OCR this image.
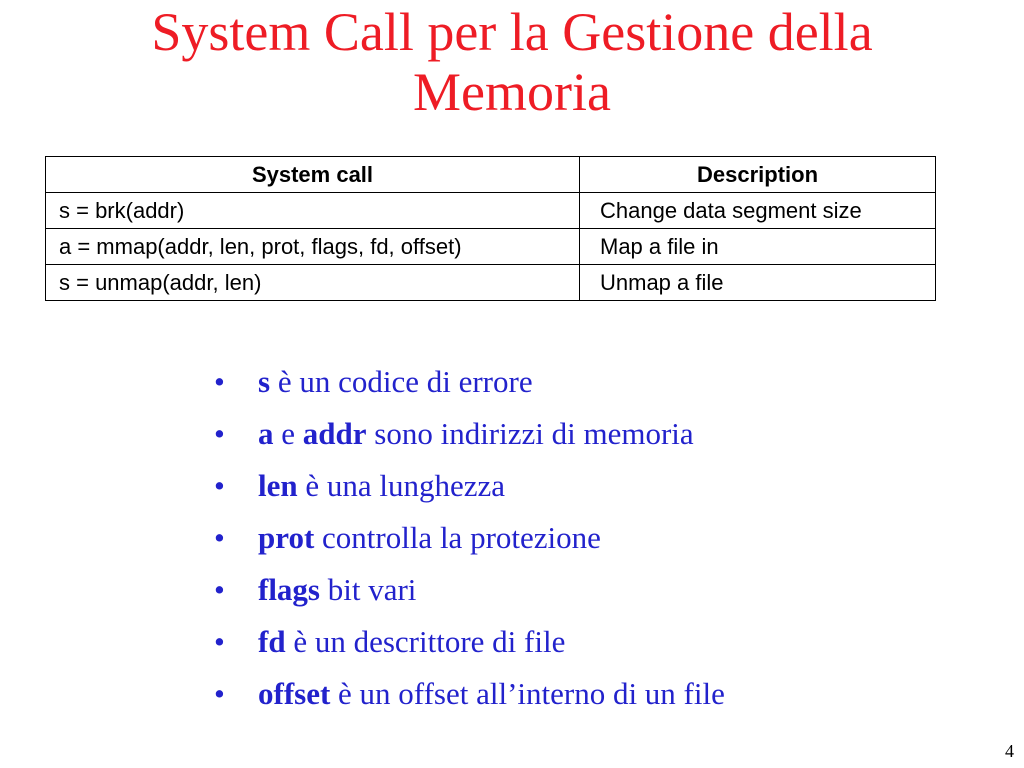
System Call per la Gestione della
Memoria
System call	Description
s = brk(addr)	Change data segment size
a = mmap(addr, len, prot, flags, fd, offset)	Map a file in
s = unmap(addr, len)	Unmap a file
• s è un codice di errore
• a e addr sono indirizzi di memoria
• len è una lunghezza
• prot controlla la protezione
• flags bit vari
• fd è un descrittore di file
• offset è un offset all’interno di un file
4
